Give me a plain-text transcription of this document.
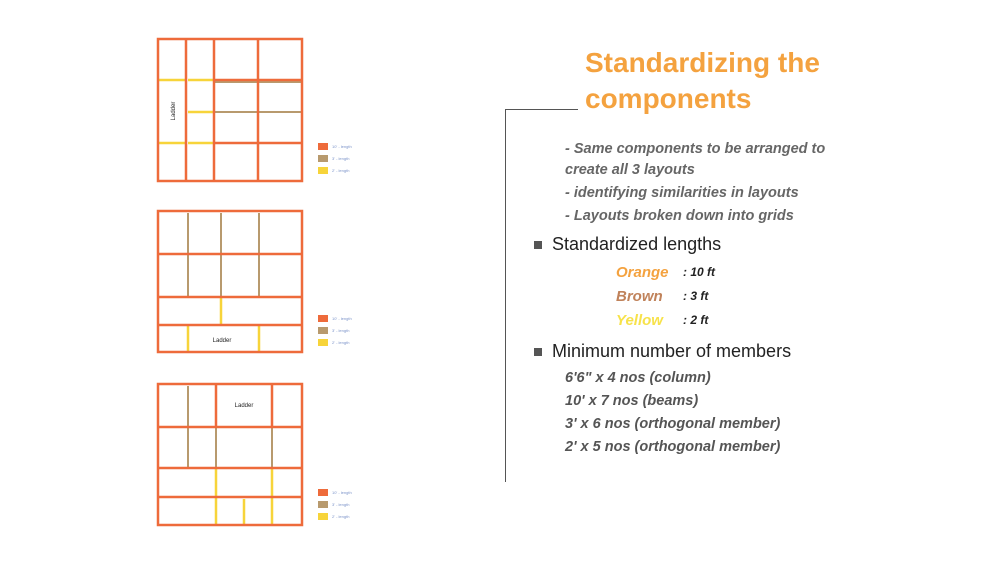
Ladder
10' - length
3' - length
2' - length
Ladder
10' - length
3' - length
2' - length
Ladder
10' - length
3' - length
2' - length
Standardizing the
components
- Same components to be arranged to
create all 3 layouts
- identifying similarities in layouts
- Layouts broken down into grids
Standardized lengths
Orange	: 10 ft
Brown	: 3 ft
Yellow	: 2 ft
Minimum number of members
6'6" x 4 nos (column)
10' x 7 nos (beams)
3' x 6 nos (orthogonal member)
2' x 5 nos (orthogonal member)
